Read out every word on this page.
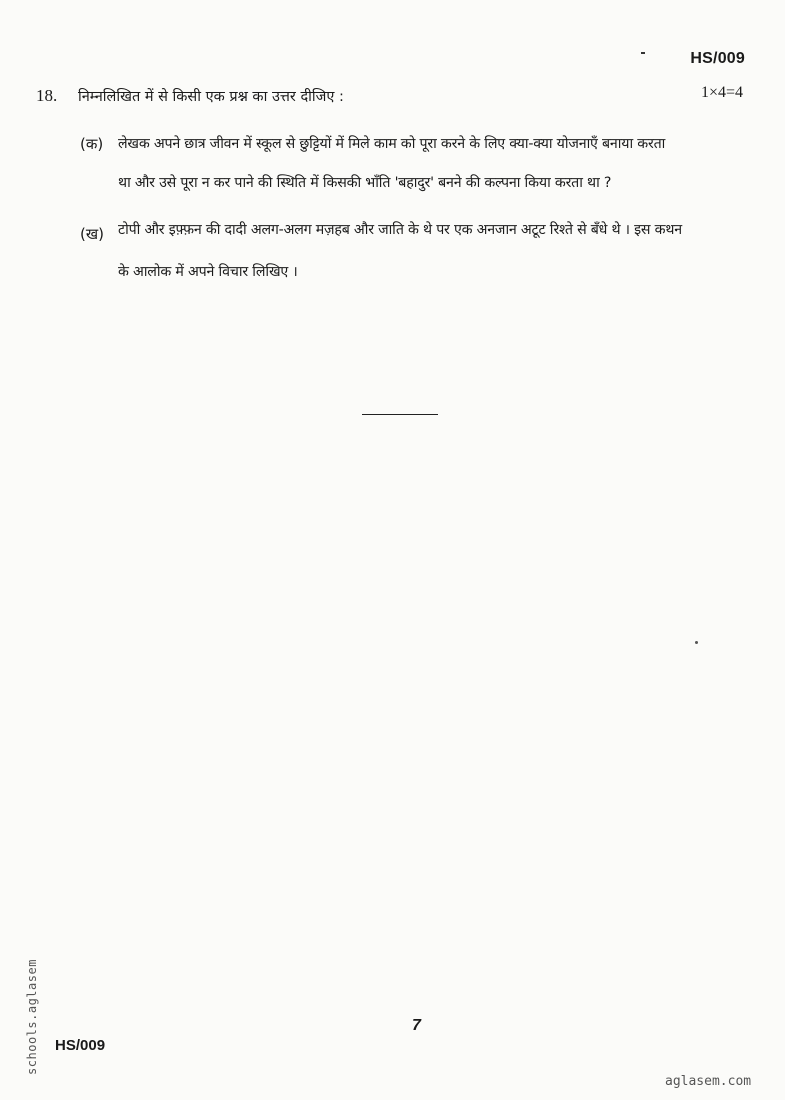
HS/009
18. निम्नलिखित में से किसी एक प्रश्न का उत्तर दीजिए :	1×4=4
(क) लेखक अपने छात्र जीवन में स्कूल से छुट्टियों में मिले काम को पूरा करने के लिए क्या-क्या योजनाएँ बनाया करता
था और उसे पूरा न कर पाने की स्थिति में किसकी भाँति 'बहादुर' बनने की कल्पना किया करता था ?
(ख) टोपी और इफ़्फ़न की दादी अलग-अलग मज़हब और जाति के थे पर एक अनजान अटूट रिश्ते से बँधे थे । इस कथन
के आलोक में अपने विचार लिखिए ।
7
HS/009
schools.aglasem
aglasem.com
